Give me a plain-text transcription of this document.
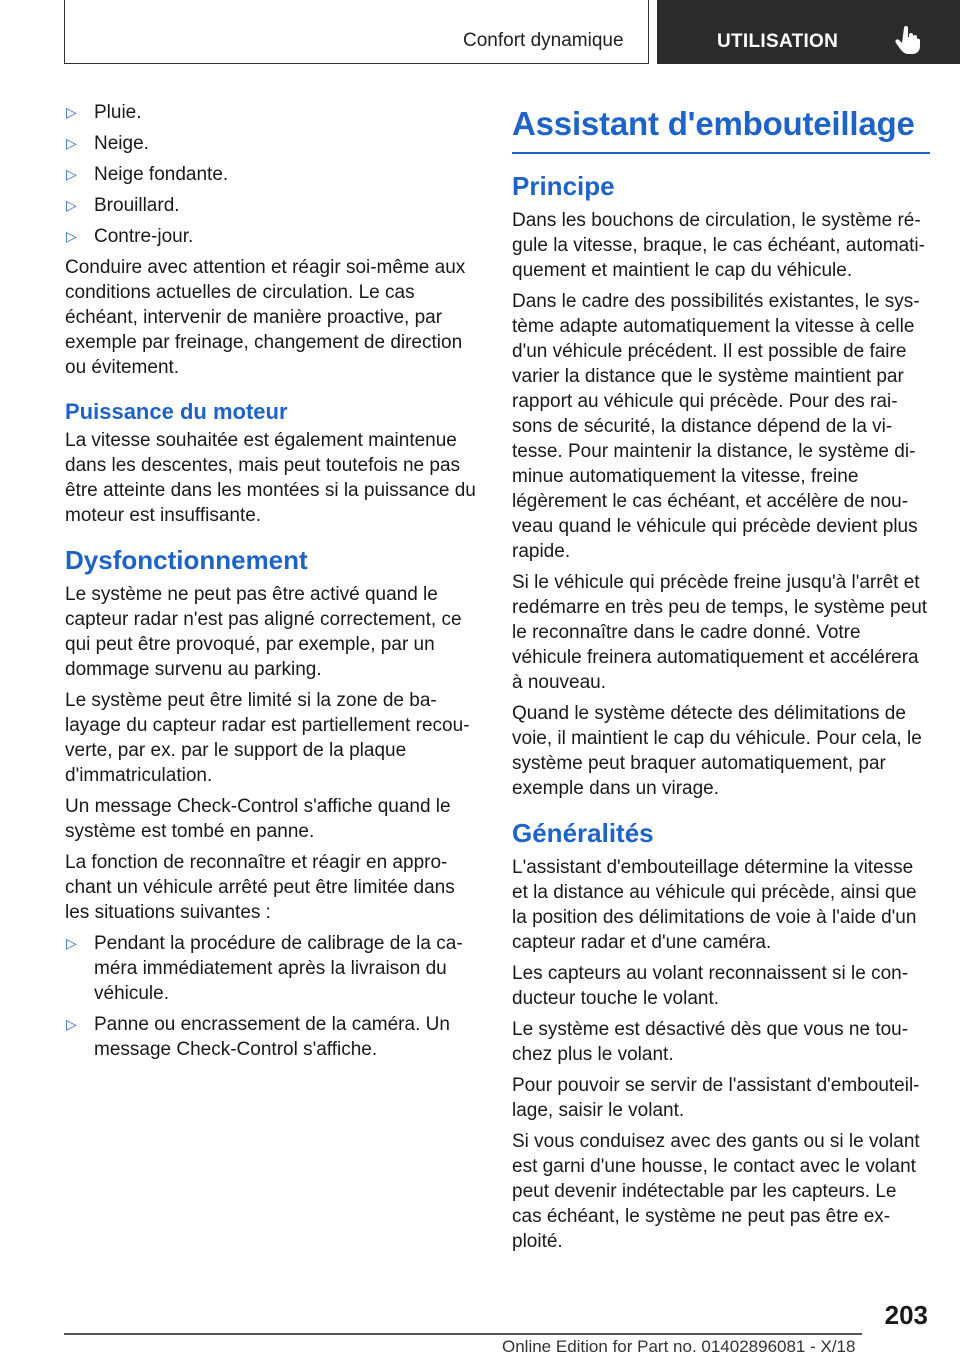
Confort dynamique	UTILISATION
▷ Pluie.
▷ Neige.
▷ Neige fondante.
▷ Brouillard.
▷ Contre-jour.

Conduire avec attention et réagir soi-même aux conditions actuelles de circulation. Le cas échéant, intervenir de manière proactive, par exemple par freinage, changement de direction ou évitement.

Puissance du moteur

La vitesse souhaitée est également maintenue dans les descentes, mais peut toutefois ne pas être atteinte dans les montées si la puissance du moteur est insuffisante.

Dysfonctionnement

Le système ne peut pas être activé quand le capteur radar n'est pas aligné correctement, ce qui peut être provoqué, par exemple, par un dommage survenu au parking.

Le système peut être limité si la zone de balayage du capteur radar est partiellement recouverte, par ex. par le support de la plaque d'immatriculation.

Un message Check-Control s'affiche quand le système est tombé en panne.

La fonction de reconnaître et réagir en approchant un véhicule arrêté peut être limitée dans les situations suivantes :

▷ Pendant la procédure de calibrage de la caméra immédiatement après la livraison du véhicule.
▷ Panne ou encrassement de la caméra. Un message Check-Control s'affiche.
Assistant d'embouteillage
Principe

Dans les bouchons de circulation, le système régule la vitesse, braque, le cas échéant, automatiquement et maintient le cap du véhicule.

Dans le cadre des possibilités existantes, le système adapte automatiquement la vitesse à celle d'un véhicule précédent. Il est possible de faire varier la distance que le système maintient par rapport au véhicule qui précède. Pour des raisons de sécurité, la distance dépend de la vitesse. Pour maintenir la distance, le système diminue automatiquement la vitesse, freine légèrement le cas échéant, et accélère de nouveau quand le véhicule qui précède devient plus rapide.

Si le véhicule qui précède freine jusqu'à l'arrêt et redémarre en très peu de temps, le système peut le reconnaître dans le cadre donné. Votre véhicule freinera automatiquement et accélérera à nouveau.

Quand le système détecte des délimitations de voie, il maintient le cap du véhicule. Pour cela, le système peut braquer automatiquement, par exemple dans un virage.

Généralités

L'assistant d'embouteillage détermine la vitesse et la distance au véhicule qui précède, ainsi que la position des délimitations de voie à l'aide d'un capteur radar et d'une caméra.

Les capteurs au volant reconnaissent si le conducteur touche le volant.

Le système est désactivé dès que vous ne touchez plus le volant.

Pour pouvoir se servir de l'assistant d'embouteillage, saisir le volant.

Si vous conduisez avec des gants ou si le volant est garni d'une housse, le contact avec le volant peut devenir indétectable par les capteurs. Le cas échéant, le système ne peut pas être exploité.

203
Online Edition for Part no. 01402896081 - X/18
